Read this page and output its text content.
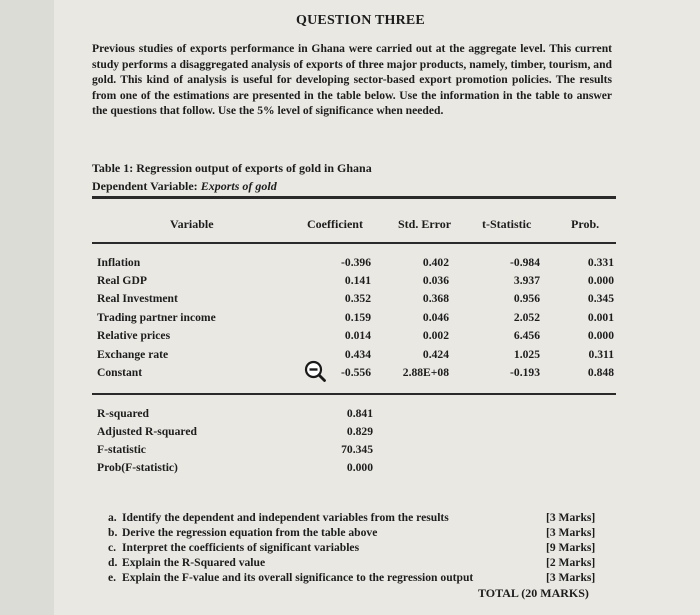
QUESTION THREE
Previous studies of exports performance in Ghana were carried out at the aggregate level. This current study performs a disaggregated analysis of exports of three major products, namely, timber, tourism, and gold. This kind of analysis is useful for developing sector-based export promotion policies. The results from one of the estimations are presented in the table below. Use the information in the table to answer the questions that follow. Use the 5% level of significance when needed.
Table 1: Regression output of exports of gold in Ghana
Dependent Variable: Exports of gold
Variable	Coefficient	Std. Error	t-Statistic	Prob.
Inflation	-0.396	0.402	-0.984	0.331
Real GDP	0.141	0.036	3.937	0.000
Real Investment	0.352	0.368	0.956	0.345
Trading partner income	0.159	0.046	2.052	0.001
Relative prices	0.014	0.002	6.456	0.000
Exchange rate	0.434	0.424	1.025	0.311
Constant	-0.556	2.88E+08	-0.193	0.848
R-squared	0.841
Adjusted R-squared	0.829
F-statistic	70.345
Prob(F-statistic)	0.000
a. Identify the dependent and independent variables from the results	[3 Marks]
b. Derive the regression equation from the table above	[3 Marks]
c. Interpret the coefficients of significant variables	[9 Marks]
d. Explain the R-Squared value	[2 Marks]
e. Explain the F-value and its overall significance to the regression output	[3 Marks]
TOTAL (20 MARKS)
